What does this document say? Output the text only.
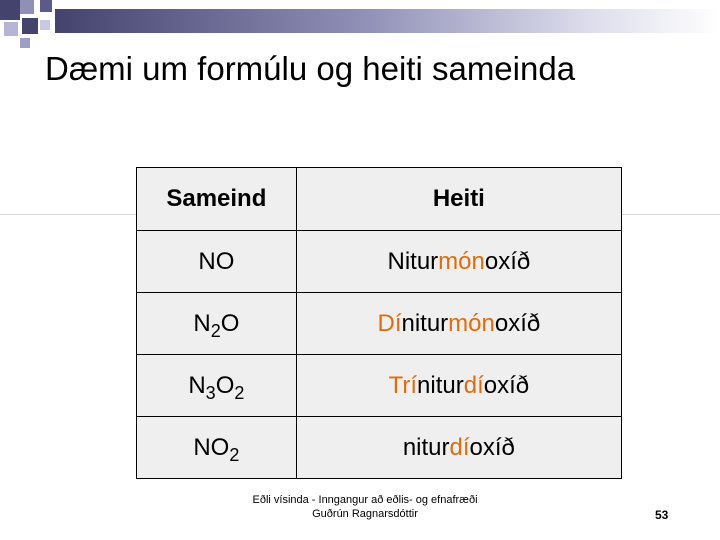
Dæmi um formúlu og heiti sameinda
Sameind	Heiti
NO	Niturmónoxíð
$N_2O$	Díniturmónoxíð
$N_3O_2$	Tríniturdíoxíð
$NO_2$	niturdíoxíð
Eðli vísinda - Inngangur að eðlis- og efnafræði Guðrún Ragnarsdóttir	53
